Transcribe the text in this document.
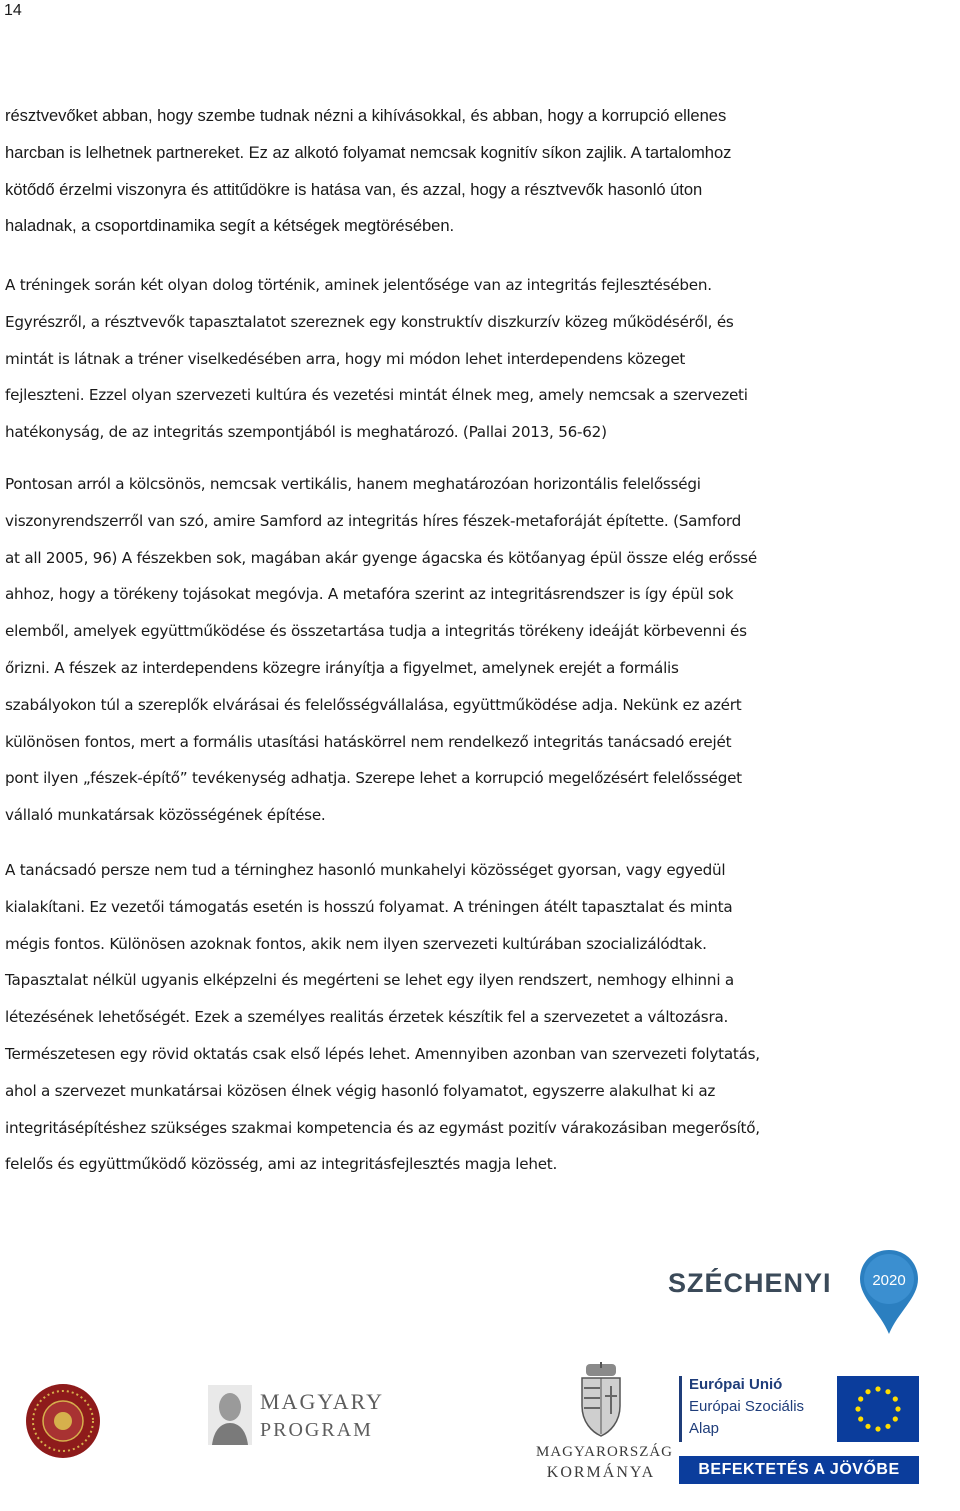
14
résztvevőket abban, hogy szembe tudnak nézni a kihívásokkal, és abban, hogy a korrupció ellenes
harcban is lelhetnek partnereket. Ez az alkotó folyamat nemcsak kognitív síkon zajlik. A tartalomhoz
kötődő érzelmi viszonyra és attitűdökre is hatása van, és azzal, hogy a résztvevők hasonló úton
haladnak, a csoportdinamika segít a kétségek megtörésében.
A tréningek során két olyan dolog történik, aminek jelentősége van az integritás fejlesztésében.
Egyrészről, a résztvevők tapasztalatot szereznek egy konstruktív diszkurzív közeg működéséről, és
mintát is látnak a tréner viselkedésében arra, hogy mi módon lehet interdependens közeget
fejleszteni. Ezzel olyan szervezeti kultúra és vezetési mintát élnek meg, amely nemcsak a szervezeti
hatékonyság, de az integritás szempontjából is meghatározó. (Pallai 2013, 56-62)
Pontosan arról a kölcsönös, nemcsak vertikális, hanem meghatározóan horizontális felelősségi
viszonyrendszerről van szó, amire Samford az integritás híres fészek-metaforáját építette. (Samford
at all 2005, 96) A fészekben sok, magában akár gyenge ágacska és kötőanyag épül össze elég erőssé
ahhoz, hogy a törékeny tojásokat megóvja. A metafóra szerint az integritásrendszer is így épül sok
elemből, amelyek együttműködése és összetartása tudja a integritás törékeny ideáját körbevenni és
őrizni. A fészek az interdependens közegre irányítja a figyelmet, amelynek erejét a formális
szabályokon túl a szereplők elvárásai és felelősségvállalása, együttműködése adja. Nekünk ez azért
különösen fontos, mert a formális utasítási hatáskörrel nem rendelkező integritás tanácsadó erejét
pont ilyen „fészek-építő” tevékenység adhatja. Szerepe lehet a korrupció megelőzésért felelősséget
vállaló munkatársak közösségének építése.
A tanácsadó persze nem tud a térninghez hasonló munkahelyi közösséget gyorsan, vagy egyedül
kialakítani. Ez vezetői támogatás esetén is hosszú folyamat. A tréningen átélt tapasztalat és minta
mégis fontos. Különösen azoknak fontos, akik nem ilyen szervezeti kultúrában szocializálódtak.
Tapasztalat nélkül ugyanis elképzelni és megérteni se lehet egy ilyen rendszert, nemhogy elhinni a
létezésének lehetőségét. Ezek a személyes realitás érzetek készítik fel a szervezetet a változásra.
Természetesen egy rövid oktatás csak első lépés lehet. Amennyiben azonban van szervezeti folytatás,
ahol a szervezet munkatársai közösen élnek végig hasonló folyamatot, egyszerre alakulhat ki az
integritásépítéshez szükséges szakmai kompetencia és az egymást pozitív várakozásiban megerősítő,
felelős és együttműködő közösség, ami az integritásfejlesztés magja lehet.
SZÉCHENYI	2020
MAGYARY
PROGRAM
MAGYARORSZÁG
KORMÁNYA
Európai Unió
Európai Szociális
Alap
BEFEKTETÉS A JÖVŐBE
